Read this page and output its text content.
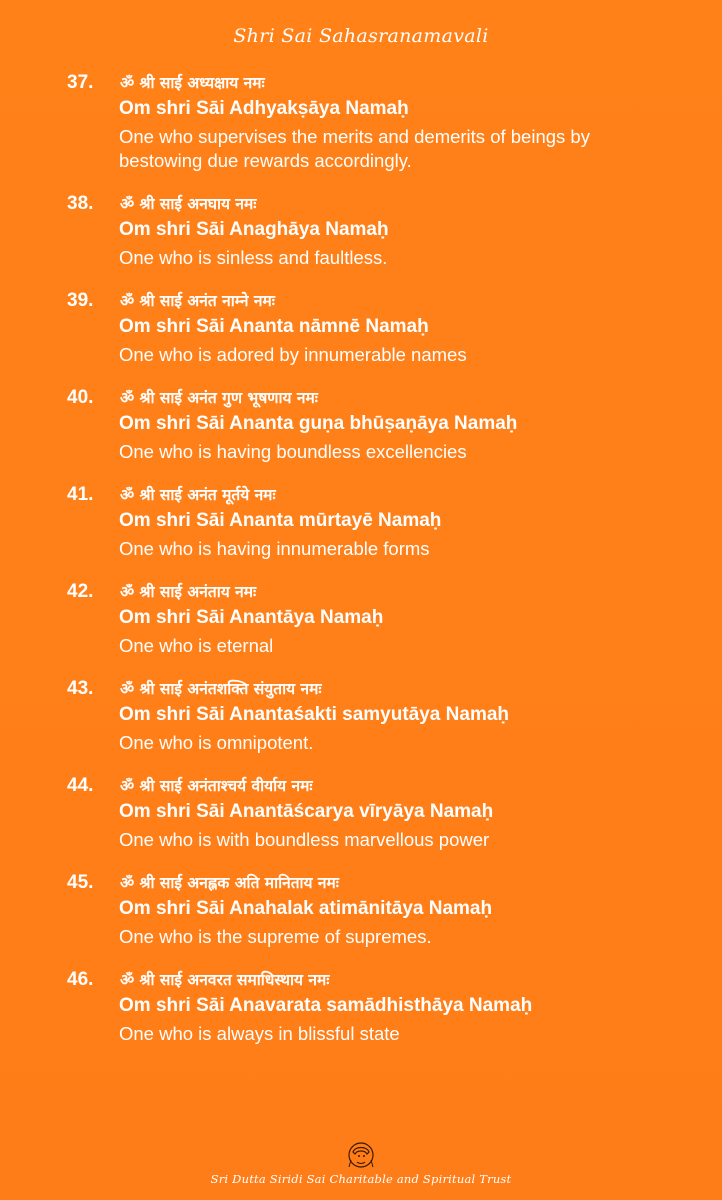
Shri Sai Sahasranamavali
37.	ॐ श्री साई अध्यक्षाय नमः
Om shri Sāi Adhyakṣāya Namaḥ
One who supervises the merits and demerits of beings by bestowing due rewards accordingly.
38.	ॐ श्री साई अनघाय नमः
Om shri Sāi Anaghāya Namaḥ
One who is sinless and faultless.
39.	ॐ श्री साई अनंत नाम्ने नमः
Om shri Sāi Ananta nāmnē Namaḥ
One who is adored by innumerable names
40.	ॐ श्री साई अनंत गुण भूषणाय नमः
Om shri Sāi Ananta guṇa bhūṣaṇāya Namaḥ
One who is having boundless excellencies
41.	ॐ श्री साई अनंत मूर्तये नमः
Om shri Sāi Ananta mūrtayē Namaḥ
One who is having innumerable forms
42.	ॐ श्री साई अनंताय नमः
Om shri Sāi Anantāya Namaḥ
One who is eternal
43.	ॐ श्री साई अनंतशक्ति संयुताय नमः
Om shri Sāi Anantaśakti samyutāya Namaḥ
One who is omnipotent.
44.	ॐ श्री साई अनंताश्चर्य वीर्याय नमः
Om shri Sāi Anantāścarya vīryāya Namaḥ
One who is with boundless marvellous power
45.	ॐ श्री साई अनह्लक अति मानिताय नमः
Om shri Sāi Anahalak atimānitāya Namaḥ
One who is the supreme of supremes.
46.	ॐ श्री साई अनवरत समाधिस्थाय नमः
Om shri Sāi Anavarata samādhisthāya Namaḥ
One who is always in blissful state
Sri Dutta Siridi Sai Charitable and Spiritual Trust
